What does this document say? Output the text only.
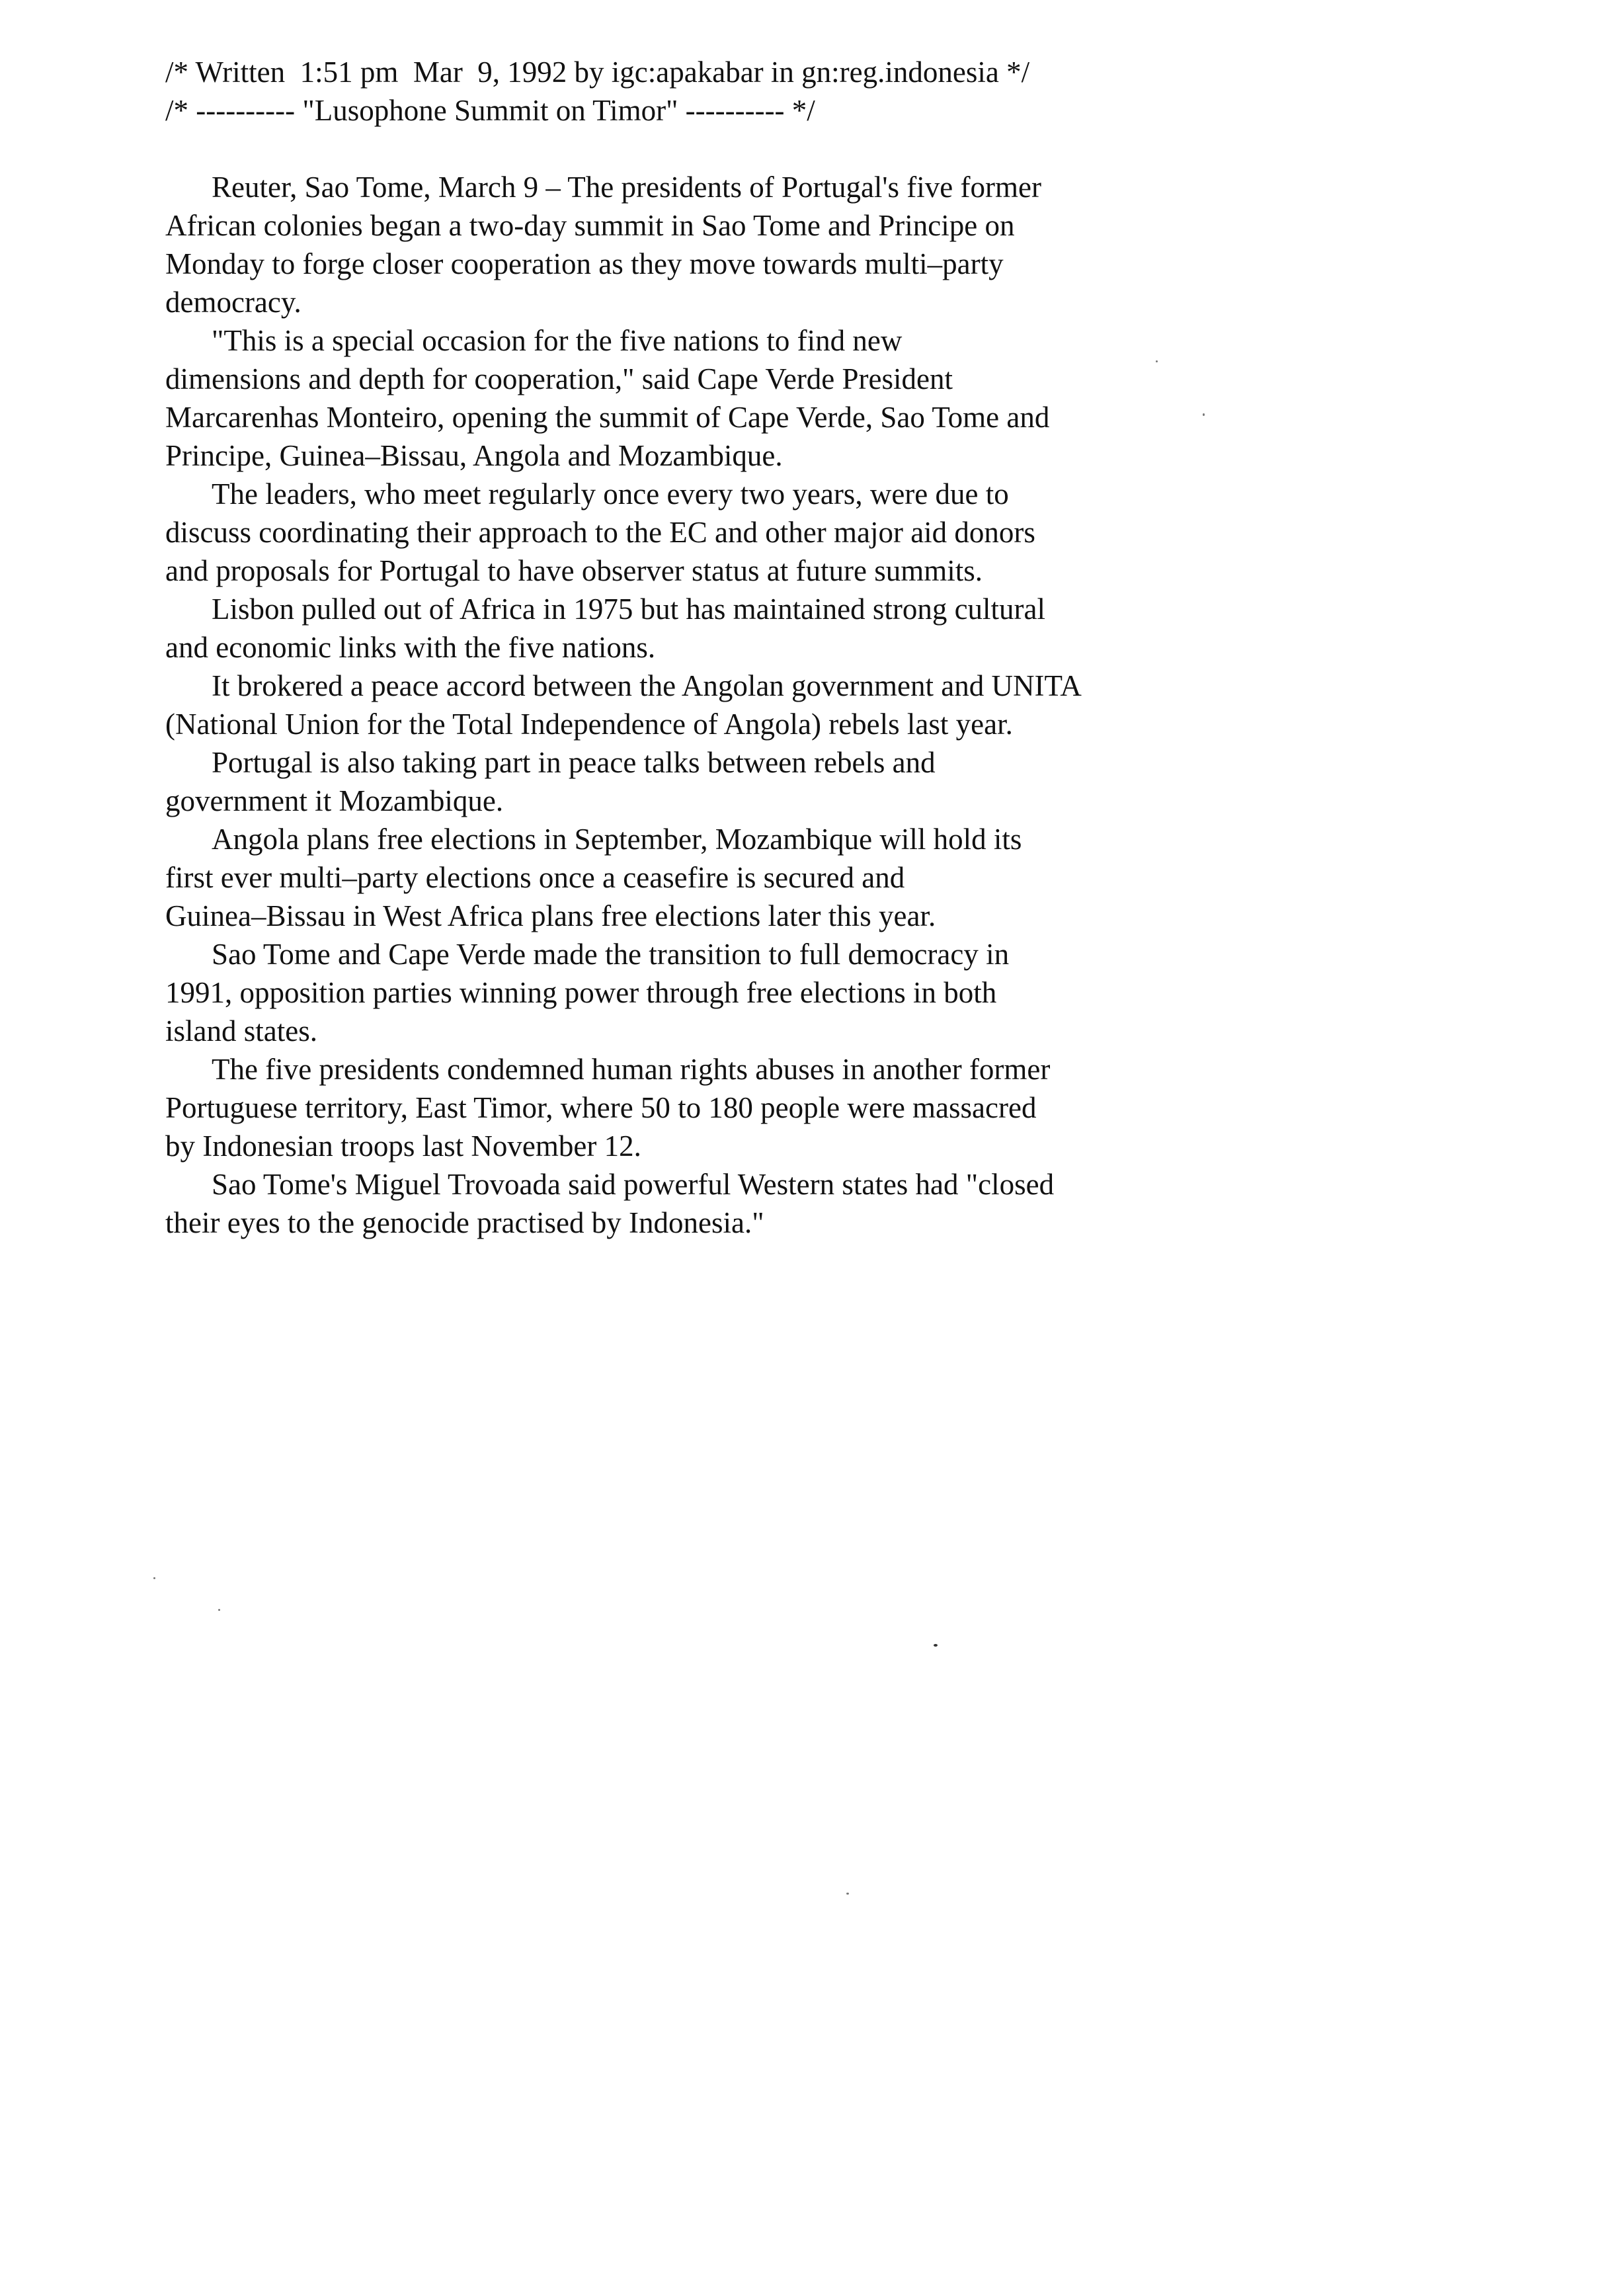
/* Written  1:51 pm  Mar  9, 1992 by igc:apakabar in gn:reg.indonesia */

/* ---------- "Lusophone Summit on Timor" ---------- */

Reuter, Sao Tome, March 9 – The presidents of Portugal's five former
African colonies began a two-day summit in Sao Tome and Principe on
Monday to forge closer cooperation as they move towards multi–party
democracy.
"This is a special occasion for the five nations to find new
dimensions and depth for cooperation," said Cape Verde President
Marcarenhas Monteiro, opening the summit of Cape Verde, Sao Tome and
Principe, Guinea–Bissau, Angola and Mozambique.
The leaders, who meet regularly once every two years, were due to
discuss coordinating their approach to the EC and other major aid donors
and proposals for Portugal to have observer status at future summits.
Lisbon pulled out of Africa in 1975 but has maintained strong cultural
and economic links with the five nations.
It brokered a peace accord between the Angolan government and UNITA
(National Union for the Total Independence of Angola) rebels last year.
Portugal is also taking part in peace talks between rebels and
government it Mozambique.
Angola plans free elections in September, Mozambique will hold its
first ever multi–party elections once a ceasefire is secured and
Guinea–Bissau in West Africa plans free elections later this year.
Sao Tome and Cape Verde made the transition to full democracy in
1991, opposition parties winning power through free elections in both
island states.
The five presidents condemned human rights abuses in another former
Portuguese territory, East Timor, where 50 to 180 people were massacred
by Indonesian troops last November 12.
Sao Tome's Miguel Trovoada said powerful Western states had "closed
their eyes to the genocide practised by Indonesia."
